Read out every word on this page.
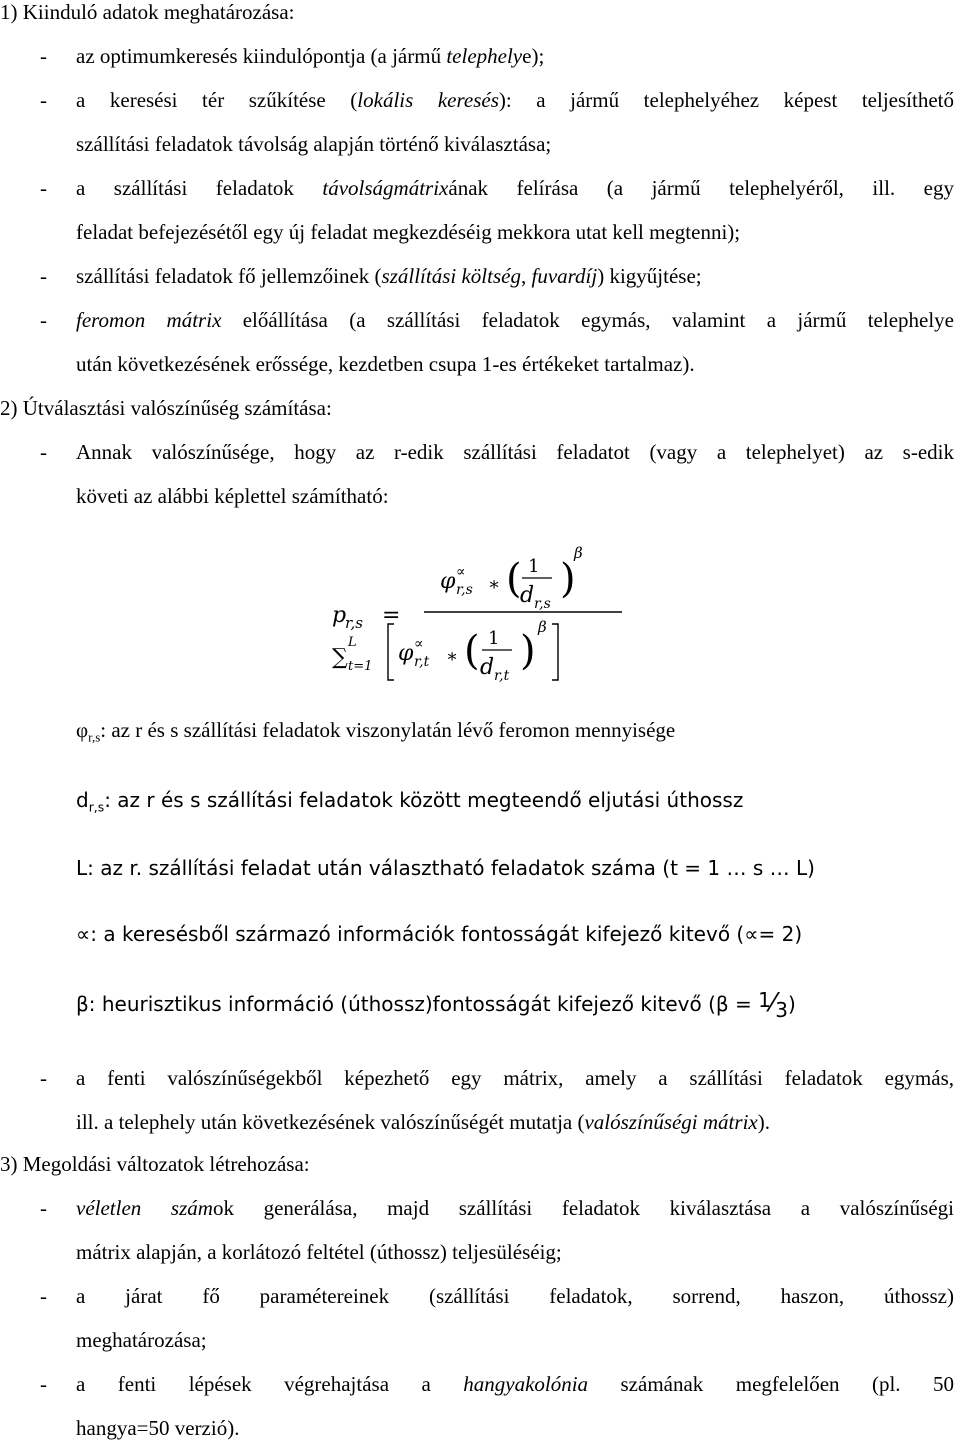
1) Kiinduló adatok meghatározása:
- az optimumkeresés kiindulópontja (a jármű telephelye);
- a keresési tér szűkítése (lokális keresés): a jármű telephelyéhez képest teljesíthető
szállítási feladatok távolság alapján történő kiválasztása;
- a szállítási feladatok távolságmátrixának felírása (a jármű telephelyéről, ill. egy
feladat befejezésétől egy új feladat megkezdéséig mekkora utat kell megtenni);
- szállítási feladatok fő jellemzőinek (szállítási költség, fuvardíj) kigyűjtése;
- feromon mátrix előállítása (a szállítási feladatok egymás, valamint a jármű telephelye
után következésének erőssége, kezdetben csupa 1-es értékeket tartalmaz).
2) Útválasztási valószínűség számítása:
- Annak valószínűsége, hogy az r-edik szállítási feladatot (vagy a telephelyet) az s-edik
követi az alábbi képlettel számítható:
$\varphi_{r,s}$: az r és s szállítási feladatok viszonylatán lévő feromon mennyisége
$d_{r,s}$: az r és s szállítási feladatok között megteendő eljutási úthossz
L: az r. szállítási feladat után választható feladatok száma (t = 1 … s … L)
∝: a keresésből származó információk fontosságát kifejező kitevő (∝= 2)
β: heurisztikus információ (úthossz)fontosságát kifejező kitevő $(\beta = ^1⁄_3)$
- a fenti valószínűségekből képezhető egy mátrix, amely a szállítási feladatok egymás,
ill. a telephely után következésének valószínűségét mutatja (valószínűségi mátrix).
3) Megoldási változatok létrehozása:
- véletlen számok generálása, majd szállítási feladatok kiválasztása a valószínűségi
mátrix alapján, a korlátozó feltétel (úthossz) teljesüléséig;
- a járat fő paramétereinek (szállítási feladatok, sorrend, haszon, úthossz)
meghatározása;
- a fenti lépések végrehajtása a hangyakolónia számának megfelelően (pl. 50
hangya=50 verzió).
p
r,s =
φ ∝
r,s ∗ ( 1
d r,s
)
β
∑
L
t=1
φ ∝
r,t ∗ ( 1
d r,t
)
β
